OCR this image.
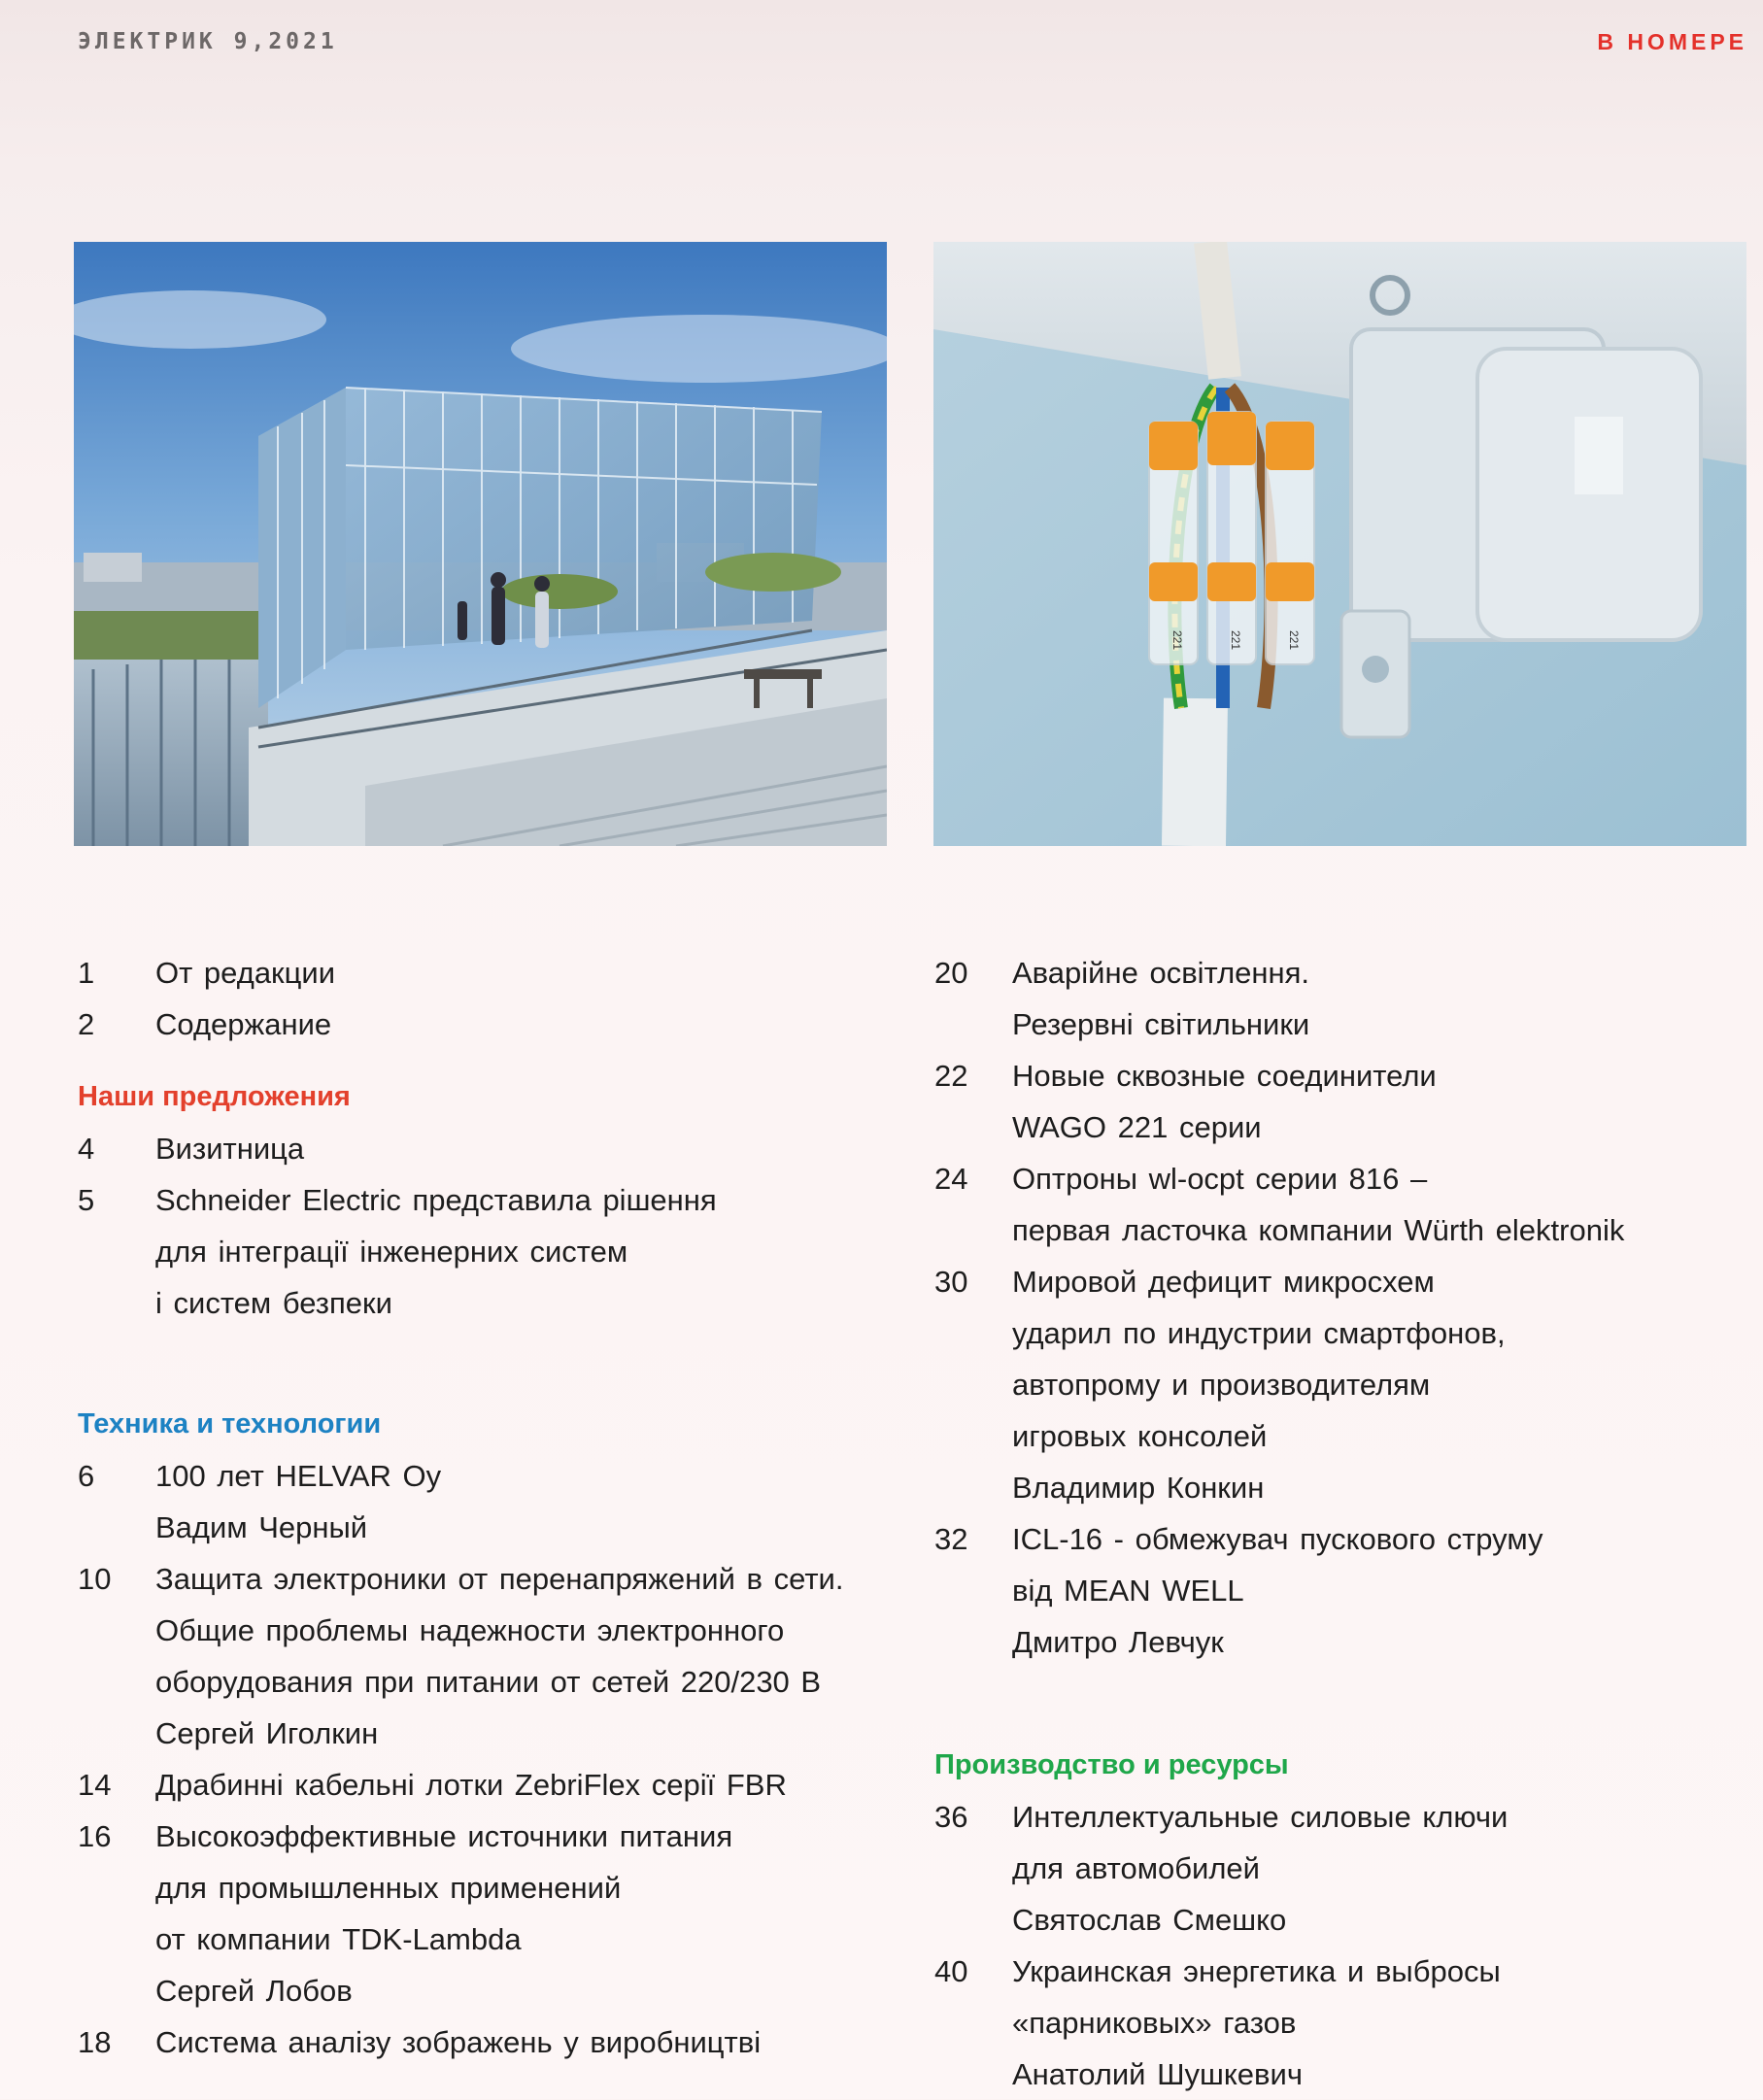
ЭЛЕКТРИК 9,2021	В НОМЕРЕ
221	221	221
1	От редакции
2	Содержание
Наши предложения
4	Визитница
5	Schneider Electric представила рішення
для інтеграції інженерних систем
і систем безпеки
Техника и технологии
6	100 лет HELVAR Oy
Вадим Черный
10	Защита электроники от перенапряжений в сети.
Общие проблемы надежности электронного
оборудования при питании от сетей 220/230 В
Сергей Иголкин
14	Драбинні кабельні лотки ZebriFlex серії FBR
16	Высокоэффективные источники питания
для промышленных применений
от компании TDK-Lambda
Сергей Лобов
18	Система аналізу зображень у виробництві
20	Аварійне освітлення.
Резервні світильники
22	Новые сквозные соединители
WAGO 221 серии
24	Оптроны wl-ocpt серии 816 –
первая ласточка компании Würth elektronik
30	Мировой дефицит микросхем
ударил по индустрии смартфонов,
автопрому и производителям
игровых консолей
Владимир Конкин
32	ICL-16 - обмежувач пускового струму
від MEAN WELL
Дмитро Левчук
Производство и ресурсы
36	Интеллектуальные силовые ключи
для автомобилей
Святослав Смешко
40	Украинская энергетика и выбросы
«парниковых» газов
Анатолий Шушкевич
